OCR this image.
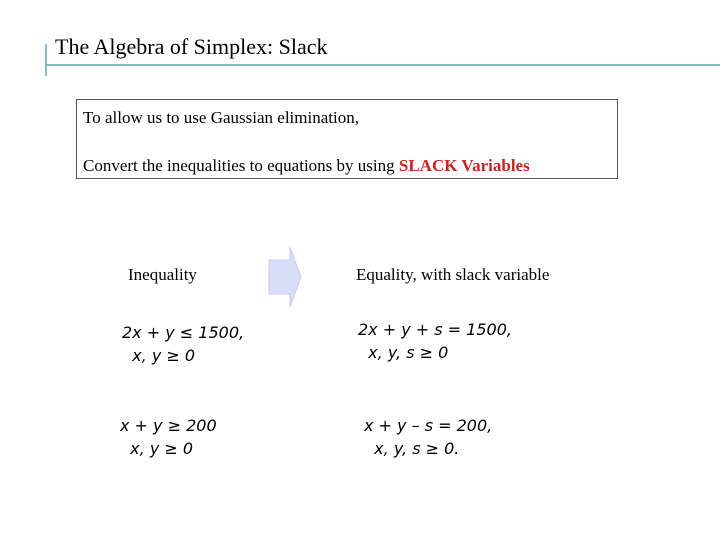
The Algebra of Simplex: Slack
To allow us to use Gaussian elimination,
Convert the inequalities to equations by using SLACK Variables
Inequality	Equality, with slack variable
2x + y ≤ 1500,
x, y ≥ 0
2x + y + s = 1500,
x, y, s ≥ 0
x + y ≥ 200
x, y ≥ 0
x + y – s = 200,
x, y, s ≥ 0.
